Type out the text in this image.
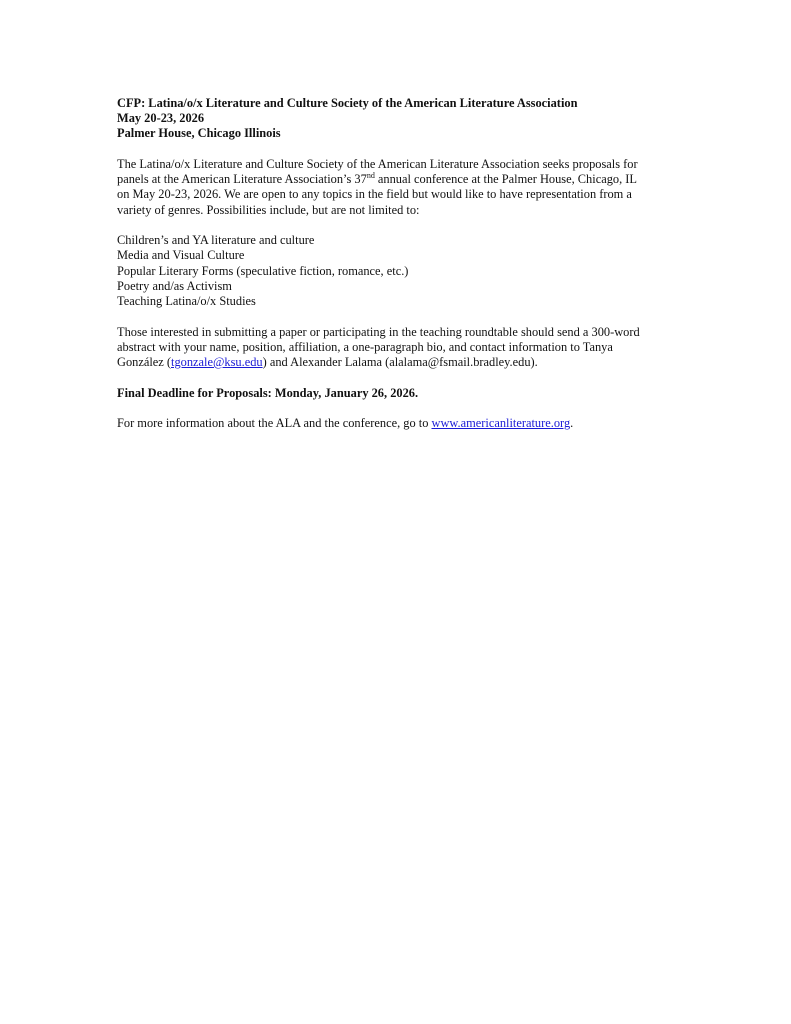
CFP: Latina/o/x Literature and Culture Society of the American Literature Association
May 20-23, 2026
Palmer House, Chicago Illinois
The Latina/o/x Literature and Culture Society of the American Literature Association seeks proposals for
panels at the American Literature Association’s 37nd annual conference at the Palmer House, Chicago, IL
on May 20-23, 2026. We are open to any topics in the field but would like to have representation from a
variety of genres. Possibilities include, but are not limited to:
Children’s and YA literature and culture
Media and Visual Culture
Popular Literary Forms (speculative fiction, romance, etc.)
Poetry and/as Activism
Teaching Latina/o/x Studies
Those interested in submitting a paper or participating in the teaching roundtable should send a 300-word
abstract with your name, position, affiliation, a one-paragraph bio, and contact information to Tanya
González (tgonzale@ksu.edu) and Alexander Lalama (alalama@fsmail.bradley.edu).

Final Deadline for Proposals: Monday, January 26, 2026.

For more information about the ALA and the conference, go to www.americanliterature.org.
